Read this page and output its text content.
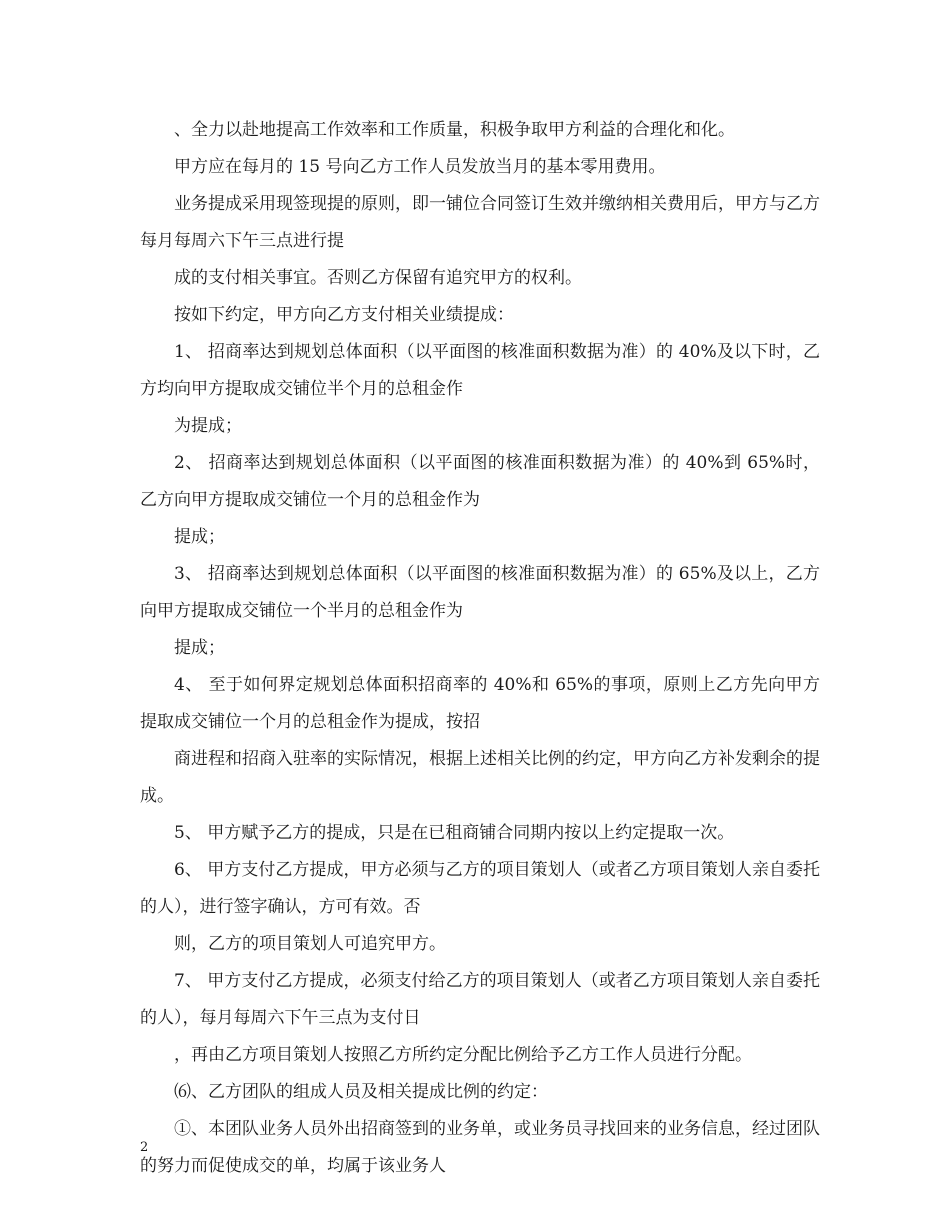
、全力以赴地提高工作效率和工作质量，积极争取甲方利益的合理化和化。

甲方应在每月的 15 号向乙方工作人员发放当月的基本零用费用。

业务提成采用现签现提的原则，即一铺位合同签订生效并缴纳相关费用后，甲方与乙方每月每周六下午三点进行提

成的支付相关事宜。否则乙方保留有追究甲方的权利。

按如下约定，甲方向乙方支付相关业绩提成：

1、 招商率达到规划总体面积（以平面图的核准面积数据为准）的 40%及以下时，乙方均向甲方提取成交铺位半个月的总租金作

为提成；

2、 招商率达到规划总体面积（以平面图的核准面积数据为准）的 40%到 65%时，乙方向甲方提取成交铺位一个月的总租金作为

提成；

3、 招商率达到规划总体面积（以平面图的核准面积数据为准）的 65%及以上，乙方向甲方提取成交铺位一个半月的总租金作为

提成；

4、 至于如何界定规划总体面积招商率的 40%和 65%的事项，原则上乙方先向甲方提取成交铺位一个月的总租金作为提成，按招

商进程和招商入驻率的实际情况，根据上述相关比例的约定，甲方向乙方补发剩余的提成。

5、 甲方赋予乙方的提成，只是在已租商铺合同期内按以上约定提取一次。

6、 甲方支付乙方提成，甲方必须与乙方的项目策划人（或者乙方项目策划人亲自委托的人），进行签字确认，方可有效。否

则，乙方的项目策划人可追究甲方。

7、 甲方支付乙方提成，必须支付给乙方的项目策划人（或者乙方项目策划人亲自委托的人），每月每周六下午三点为支付日

，再由乙方项目策划人按照乙方所约定分配比例给予乙方工作人员进行分配。

⑹、乙方团队的组成人员及相关提成比例的约定：

①、本团队业务人员外出招商签到的业务单，或业务员寻找回来的业务信息，经过团队的努力而促使成交的单，均属于该业务人

2
